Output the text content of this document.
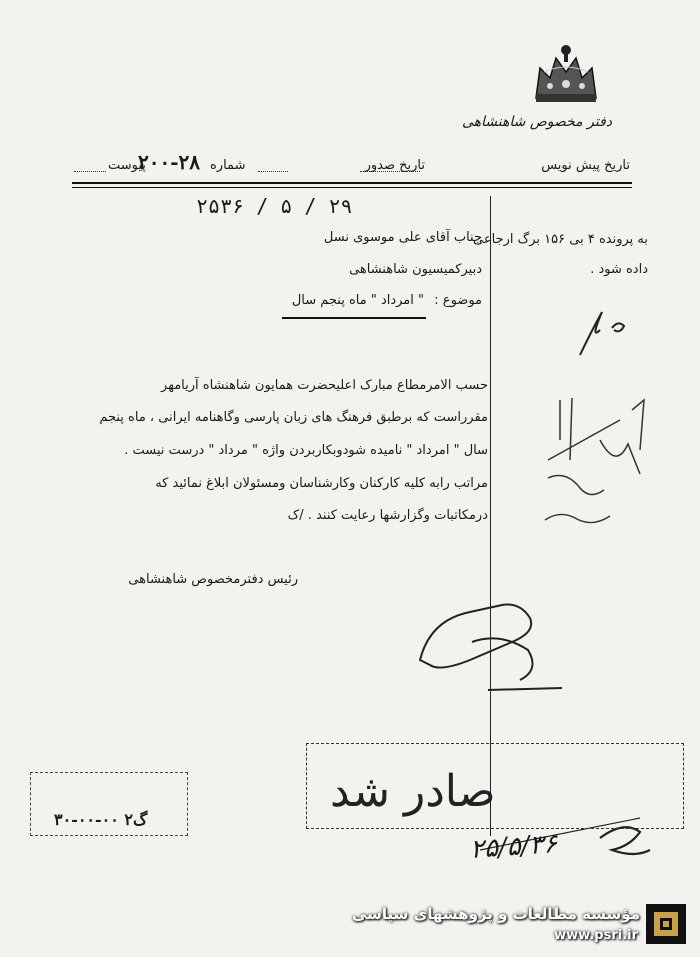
دفتر مخصوص شاهنشاهی
تاریخ پیش نویس
تاریخ صدور
شماره
۲۰۰-۲۸
پیوست
۲۵۳۶ / ۵ / ۲۹
به پرونده ۴ بی ۱۵۶ برگ ارجاعی
داده شود .
جناب آقای علی موسوی نسل
دبیرکمیسیون شاهنشاهی
موضوع :
" امرداد " ماه پنجم سال
حسب الامرمطاع مبارک اعلیحضرت همایون شاهنشاه آریامهر
مقرراست که برطبق فرهنگ های زبان پارسی وگاهنامه ایرانی ، ماه پنجم
سال " امرداد " نامیده شودوبکاربردن واژه " مرداد " درست نیست .
مراتب رابه کلیه کارکنان وکارشناسان ومسئولان ابلاغ نمائید که
درمکاتبات وگزارشها رعایت کنند . /ک
رئیس دفترمخصوص شاهنشاهی
صادر شد
۲۵/۵/۳۶
۳۰-۰۰-۰۰ گ۲
مؤسسه مطالعات و پژوهشهای سیاسی
www.psri.ir
